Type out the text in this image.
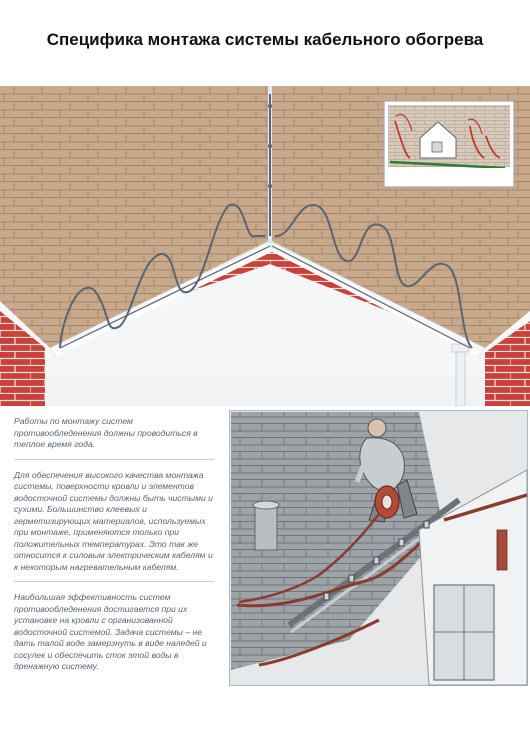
Специфика монтажа системы кабельного обогрева

Работы по монтажу систем противообледенения должны проводиться в теплое время года.

Для обеспечения высокого качества монтажа системы, поверхности кровли и элементов водосточной системы должны быть чистыми и сухими. Большинство клеевых и герметизирующих материалов, используемых при монтаже, применяются только при положительных температурах. Это так же относится к силовым электрическим кабелям и к некоторым нагревательным кабелям.

Наибольшая эффективность систем противообледенения достигается при их установке на кровли с организованной водосточной системой. Задача системы – не дать талой воде замерзнуть в виде наледей и сосулек и обеспечить сток этой воды в дренажную систему.
